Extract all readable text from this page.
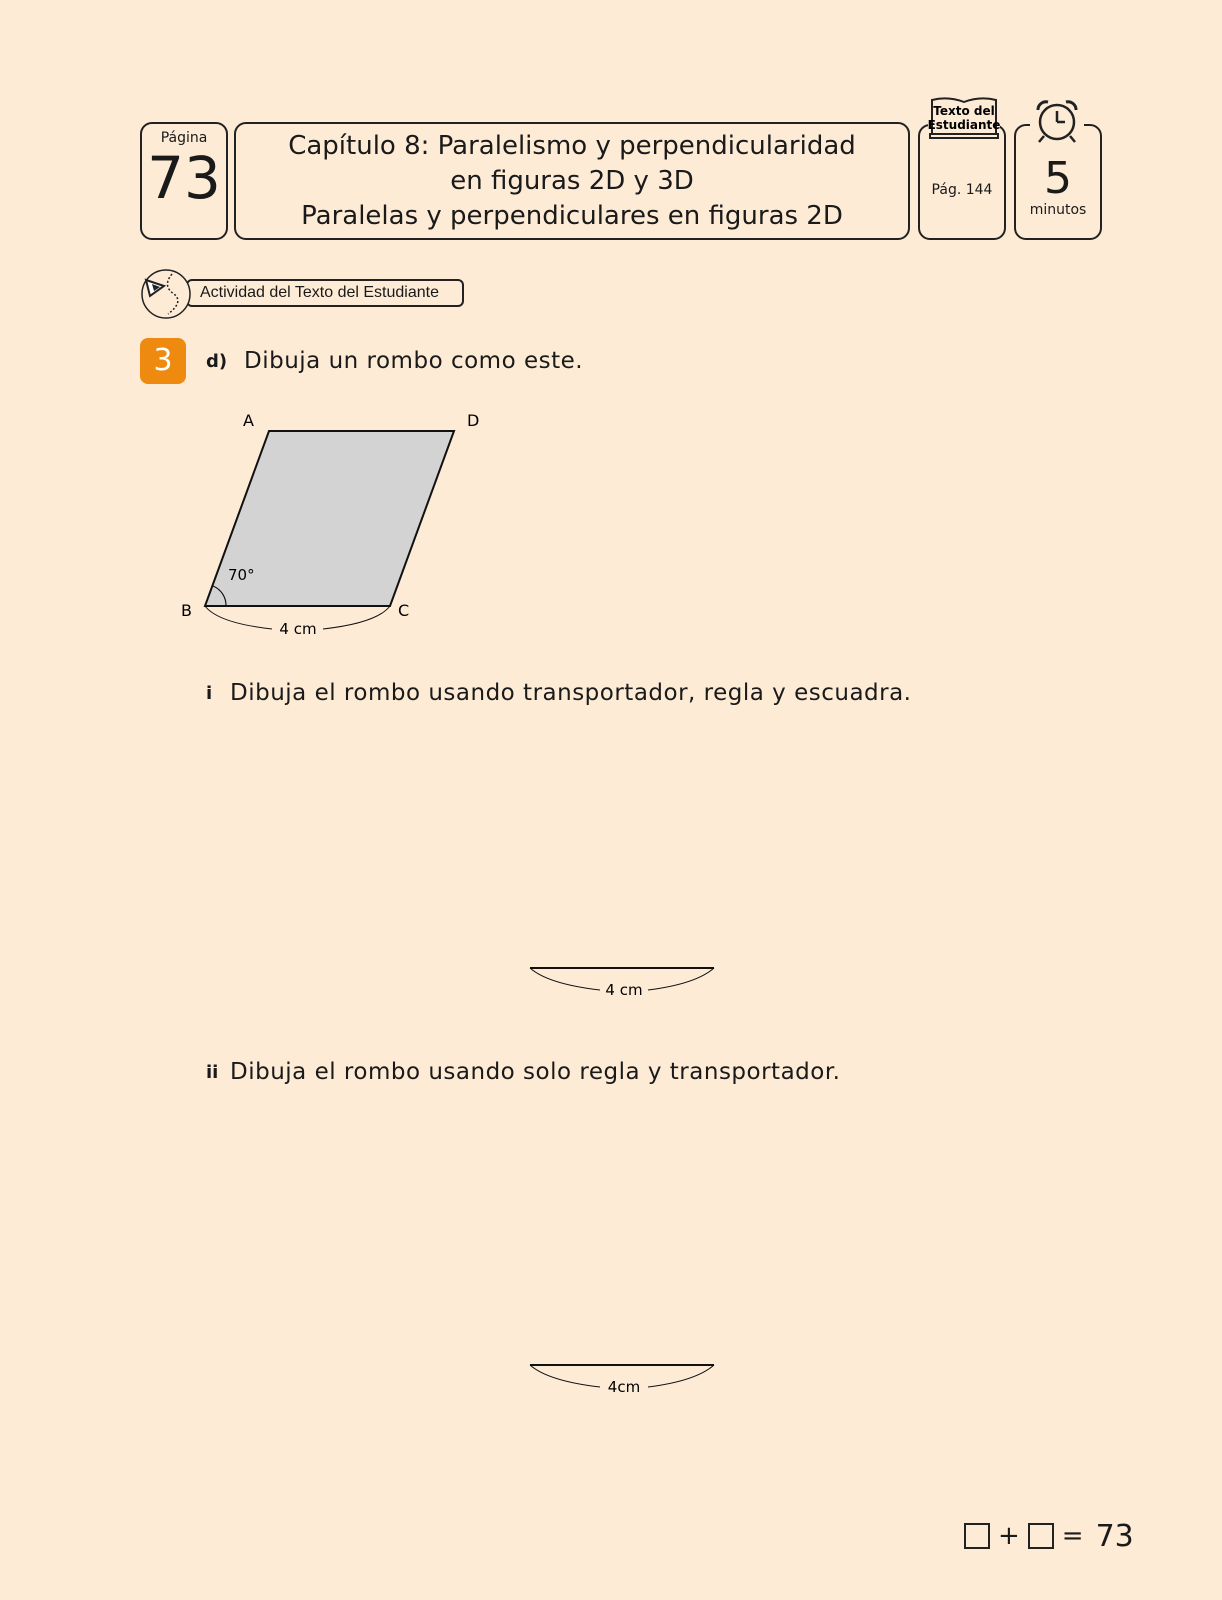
Página
73	Capítulo 8: Paralelismo y perpendicularidad
en figuras 2D y 3D
Paralelas y perpendiculares en figuras 2D
Texto del
Estudiante
Pág. 144	5
minutos
Actividad del Texto del Estudiante
3	d) Dibuja un rombo como este.
70°
A	D
B	C
4 cm
i Dibuja el rombo usando transportador, regla y escuadra.
4 cm
ii Dibuja el rombo usando solo regla y transportador.
4cm
+ = 73
